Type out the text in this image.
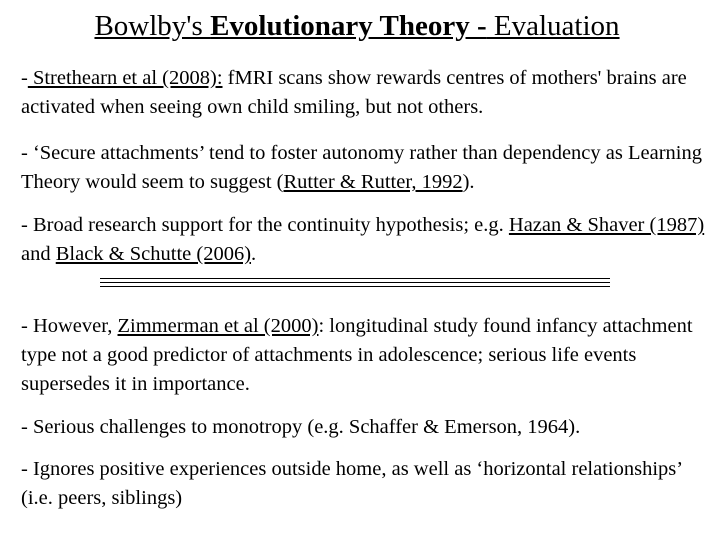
Bowlby's Evolutionary Theory - Evaluation
- Strethearn et al (2008): fMRI scans show rewards centres of mothers' brains are activated when seeing own child smiling, but not others.
- ‘Secure attachments’ tend to foster autonomy rather than dependency as Learning Theory would seem to suggest (Rutter & Rutter, 1992).
- Broad research support for the continuity hypothesis; e.g. Hazan & Shaver (1987) and Black & Schutte (2006).
- However, Zimmerman et al (2000): longitudinal study found infancy attachment type not a good predictor of attachments in adolescence; serious life events supersedes it in importance.
- Serious challenges to monotropy (e.g. Schaffer & Emerson, 1964).
- Ignores positive experiences outside home, as well as ‘horizontal relationships’ (i.e. peers, siblings)
